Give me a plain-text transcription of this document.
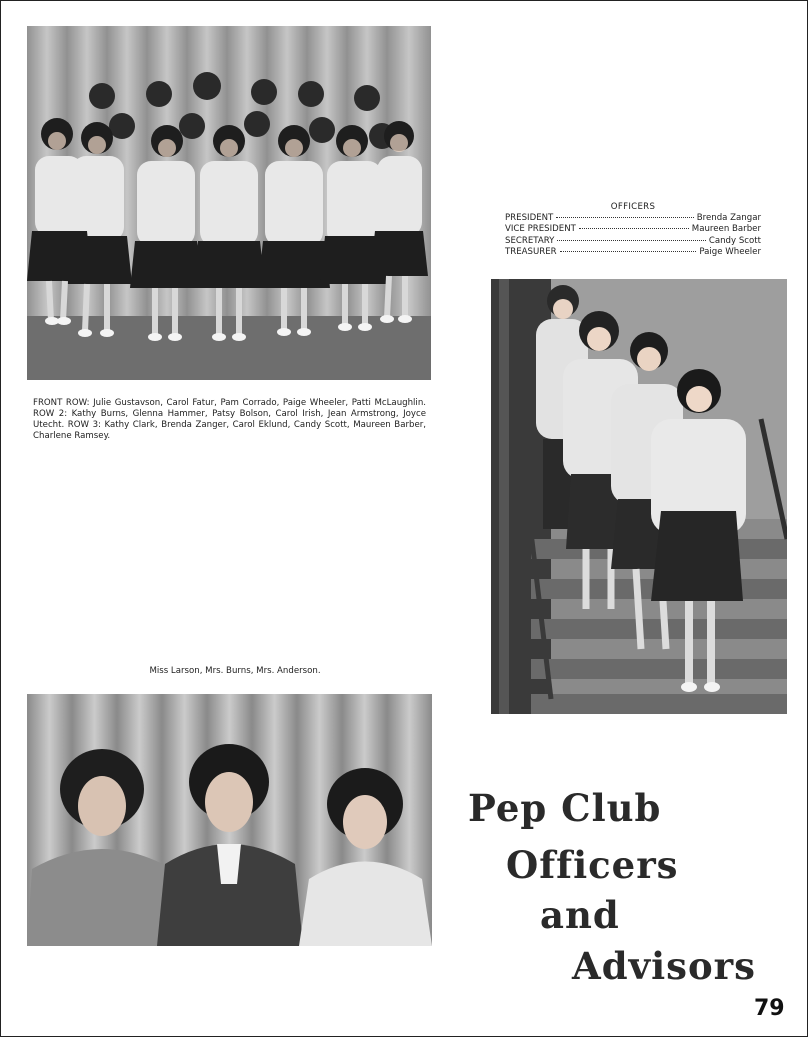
FRONT ROW: Julie Gustavson, Carol Fatur, Pam Corrado, Paige Wheeler, Patti McLaughlin. ROW 2: Kathy Burns, Glenna Hammer, Patsy Bolson, Carol Irish, Jean Armstrong, Joyce Utecht. ROW 3: Kathy Clark, Brenda Zanger, Carol Eklund, Candy Scott, Maureen Barber, Charlene Ramsey.
OFFICERS
PRESIDENT	Brenda Zangar
VICE PRESIDENT	Maureen Barber
SECRETARY	Candy Scott
TREASURER	Paige Wheeler
Miss Larson, Mrs. Burns, Mrs. Anderson.
Pep Club
Officers
and
Advisors
79
